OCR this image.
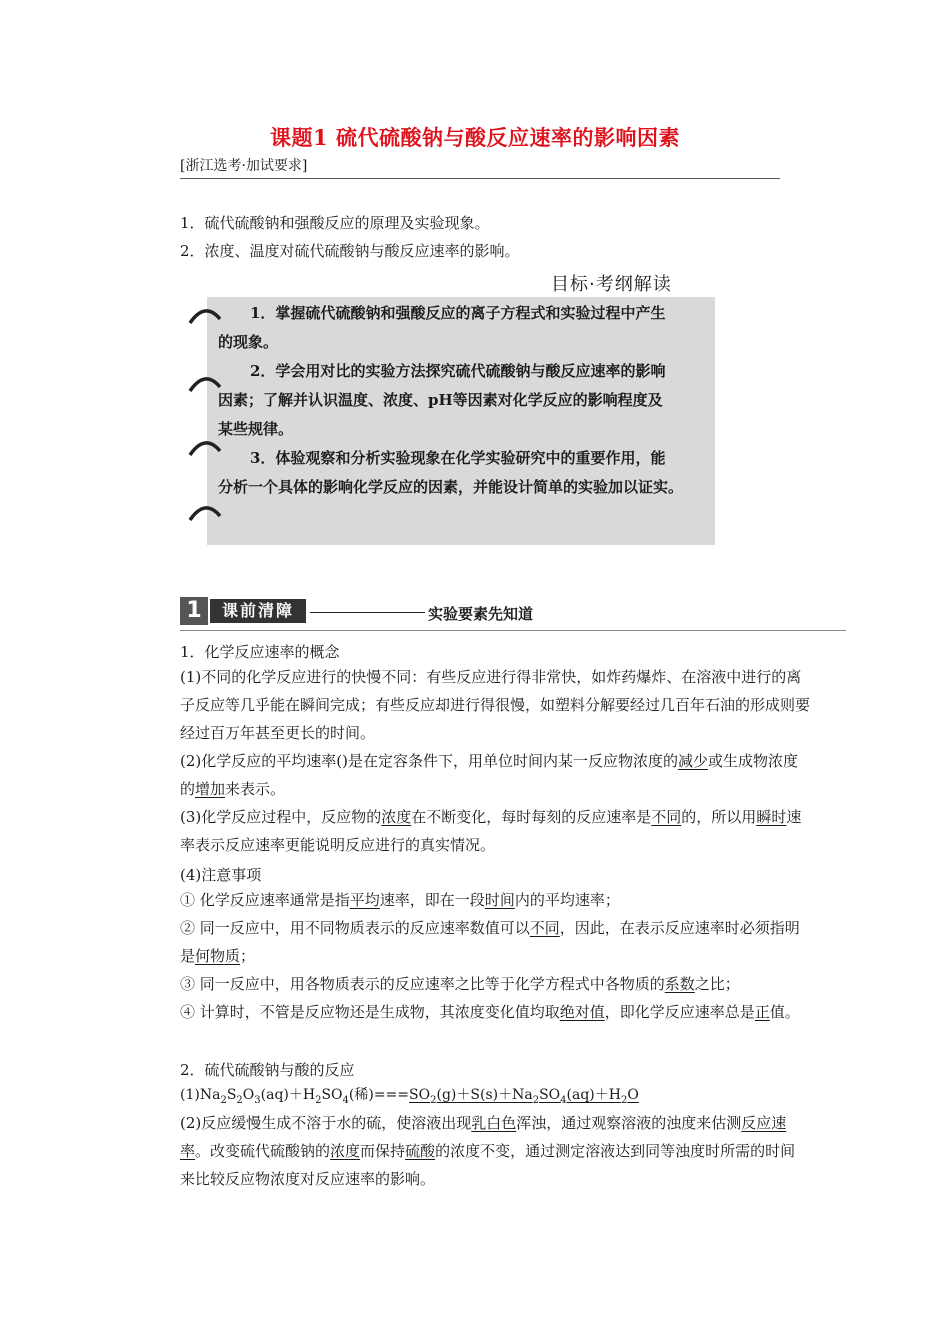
课题1 硫代硫酸钠与酸反应速率的影响因素
[浙江选考·加试要求]
1．硫代硫酸钠和强酸反应的原理及实验现象。
2．浓度、温度对硫代硫酸钠与酸反应速率的影响。
目标·考纲解读
1．掌握硫代硫酸钠和强酸反应的离子方程式和实验过程中产生
的现象。
2．学会用对比的实验方法探究硫代硫酸钠与酸反应速率的影响
因素；了解并认识温度、浓度、pH等因素对化学反应的影响程度及
某些规律。
3．体验观察和分析实验现象在化学实验研究中的重要作用，能
分析一个具体的影响化学反应的因素，并能设计简单的实验加以证实。
1	课前清障	实验要素先知道
1．化学反应速率的概念
(1)不同的化学反应进行的快慢不同：有些反应进行得非常快，如炸药爆炸、在溶液中进行的离子反应等几乎能在瞬间完成；有些反应却进行得很慢，如塑料分解要经过几百年石油的形成则要经过百万年甚至更长的时间。
(2)化学反应的平均速率()是在定容条件下，用单位时间内某一反应物浓度的减少或生成物浓度的增加来表示。
(3)化学反应过程中，反应物的浓度在不断变化，每时每刻的反应速率是不同的，所以用瞬时速率表示反应速率更能说明反应进行的真实情况。
(4)注意事项
① 化学反应速率通常是指平均速率，即在一段时间内的平均速率；
② 同一反应中，用不同物质表示的反应速率数值可以不同，因此，在表示反应速率时必须指明是何物质；
③ 同一反应中，用各物质表示的反应速率之比等于化学方程式中各物质的系数之比；
④ 计算时，不管是反应物还是生成物，其浓度变化值均取绝对值，即化学反应速率总是正值。
2．硫代硫酸钠与酸的反应
$(1)Na_2S_2O_3(aq)+H_2SO_4$(稀)$===SO_2(g)+S(s)+Na_2SO_4(aq)+H_2O$
(2)反应缓慢生成不溶于水的硫，使溶液出现乳白色浑浊，通过观察溶液的浊度来估测反应速率。改变硫代硫酸钠的浓度而保持硫酸的浓度不变，通过测定溶液达到同等浊度时所需的时间来比较反应物浓度对反应速率的影响。
